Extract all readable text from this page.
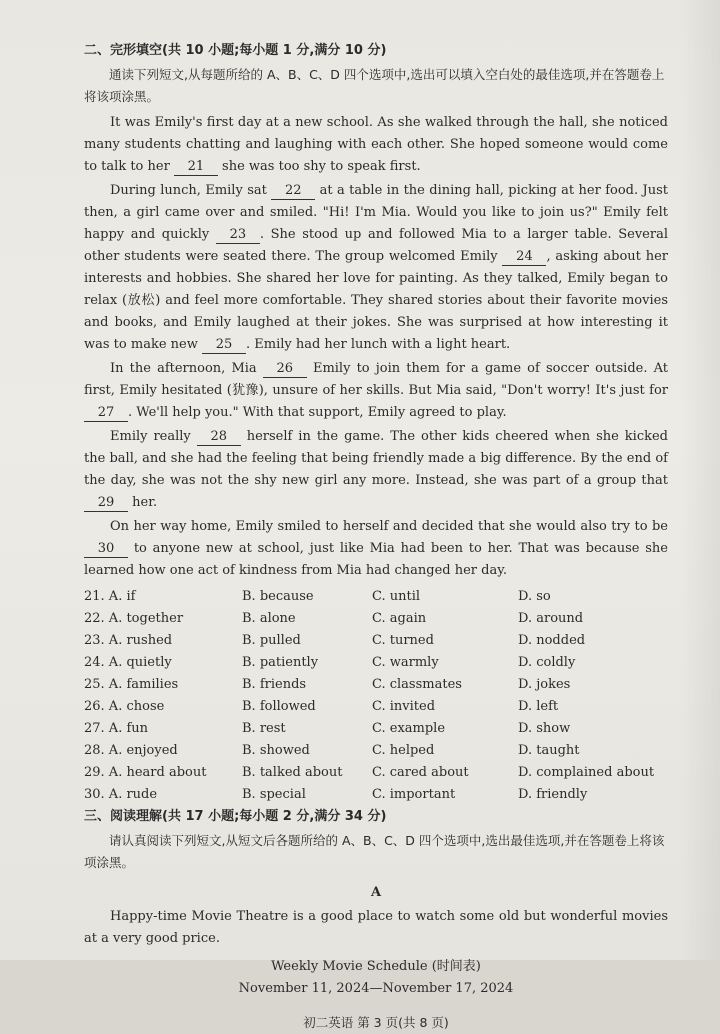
二、完形填空(共 10 小题;每小题 1 分,满分 10 分)

通读下列短文,从每题所给的 A、B、C、D 四个选项中,选出可以填入空白处的最佳选项,并在答题卷上将该项涂黑。

It was Emily's first day at a new school. As she walked through the hall, she noticed many students chatting and laughing with each other. She hoped someone would come to talk to her 21 she was too shy to speak first.

During lunch, Emily sat 22 at a table in the dining hall, picking at her food. Just then, a girl came over and smiled. "Hi! I'm Mia. Would you like to join us?" Emily felt happy and quickly 23 . She stood up and followed Mia to a larger table. Several other students were seated there. The group welcomed Emily 24 , asking about her interests and hobbies. She shared her love for painting. As they talked, Emily began to relax (放松) and feel more comfortable. They shared stories about their favorite movies and books, and Emily laughed at their jokes. She was surprised at how interesting it was to make new 25 . Emily had her lunch with a light heart.

In the afternoon, Mia 26 Emily to join them for a game of soccer outside. At first, Emily hesitated (犹豫), unsure of her skills. But Mia said, "Don't worry! It's just for 27 . We'll help you." With that support, Emily agreed to play.

Emily really 28 herself in the game. The other kids cheered when she kicked the ball, and she had the feeling that being friendly made a big difference. By the end of the day, she was not the shy new girl any more. Instead, she was part of a group that 29 her.

On her way home, Emily smiled to herself and decided that she would also try to be 30 to anyone new at school, just like Mia had been to her. That was because she learned how one act of kindness from Mia had changed her day.

21. A. if	B. because	C. until	D. so
22. A. together	B. alone	C. again	D. around
23. A. rushed	B. pulled	C. turned	D. nodded
24. A. quietly	B. patiently	C. warmly	D. coldly
25. A. families	B. friends	C. classmates	D. jokes
26. A. chose	B. followed	C. invited	D. left
27. A. fun	B. rest	C. example	D. show
28. A. enjoyed	B. showed	C. helped	D. taught
29. A. heard about	B. talked about	C. cared about	D. complained about
30. A. rude	B. special	C. important	D. friendly

三、阅读理解(共 17 小题;每小题 2 分,满分 34 分)

请认真阅读下列短文,从短文后各题所给的 A、B、C、D 四个选项中,选出最佳选项,并在答题卷上将该项涂黑。

A

Happy-time Movie Theatre is a good place to watch some old but wonderful movies at a very good price.

Weekly Movie Schedule (时间表)

November 11, 2024—November 17, 2024

初二英语 第 3 页(共 8 页)
